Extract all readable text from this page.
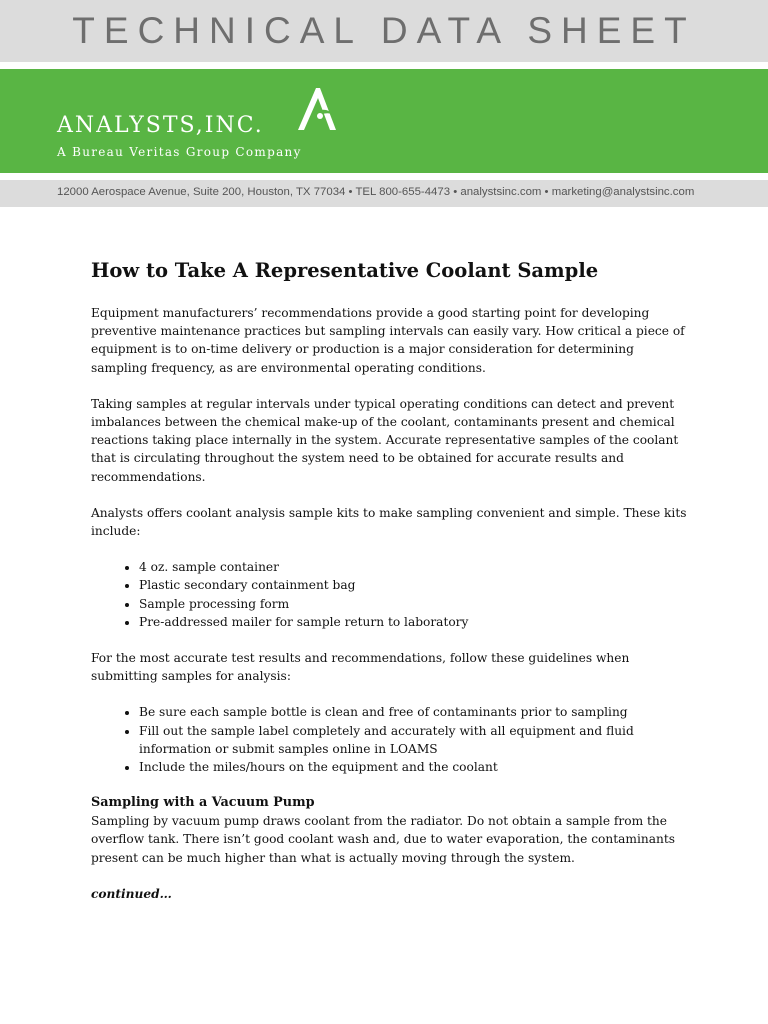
TECHNICAL DATA SHEET
ANALYSTS,INC.
A Bureau Veritas Group Company
12000 Aerospace Avenue, Suite 200, Houston, TX 77034 • TEL 800-655-4473 • analystsinc.com • marketing@analystsinc.com
How to Take A Representative Coolant Sample

Equipment manufacturers’ recommendations provide a good starting point for developing preventive maintenance practices but sampling intervals can easily vary. How critical a piece of equipment is to on-time delivery or production is a major consideration for determining sampling frequency, as are environmental operating conditions.

Taking samples at regular intervals under typical operating conditions can detect and prevent imbalances between the chemical make-up of the coolant, contaminants present and chemical reactions taking place internally in the system. Accurate representative samples of the coolant that is circulating throughout the system need to be obtained for accurate results and recommendations.

Analysts offers coolant analysis sample kits to make sampling convenient and simple. These kits include:

• 4 oz. sample container
• Plastic secondary containment bag
• Sample processing form
• Pre-addressed mailer for sample return to laboratory

For the most accurate test results and recommendations, follow these guidelines when submitting samples for analysis:

• Be sure each sample bottle is clean and free of contaminants prior to sampling
• Fill out the sample label completely and accurately with all equipment and fluid information or submit samples online in LOAMS
• Include the miles/hours on the equipment and the coolant
Sampling with a Vacuum Pump

Sampling by vacuum pump draws coolant from the radiator. Do not obtain a sample from the overflow tank. There isn’t good coolant wash and, due to water evaporation, the contaminants present can be much higher than what is actually moving through the system.

continued…
